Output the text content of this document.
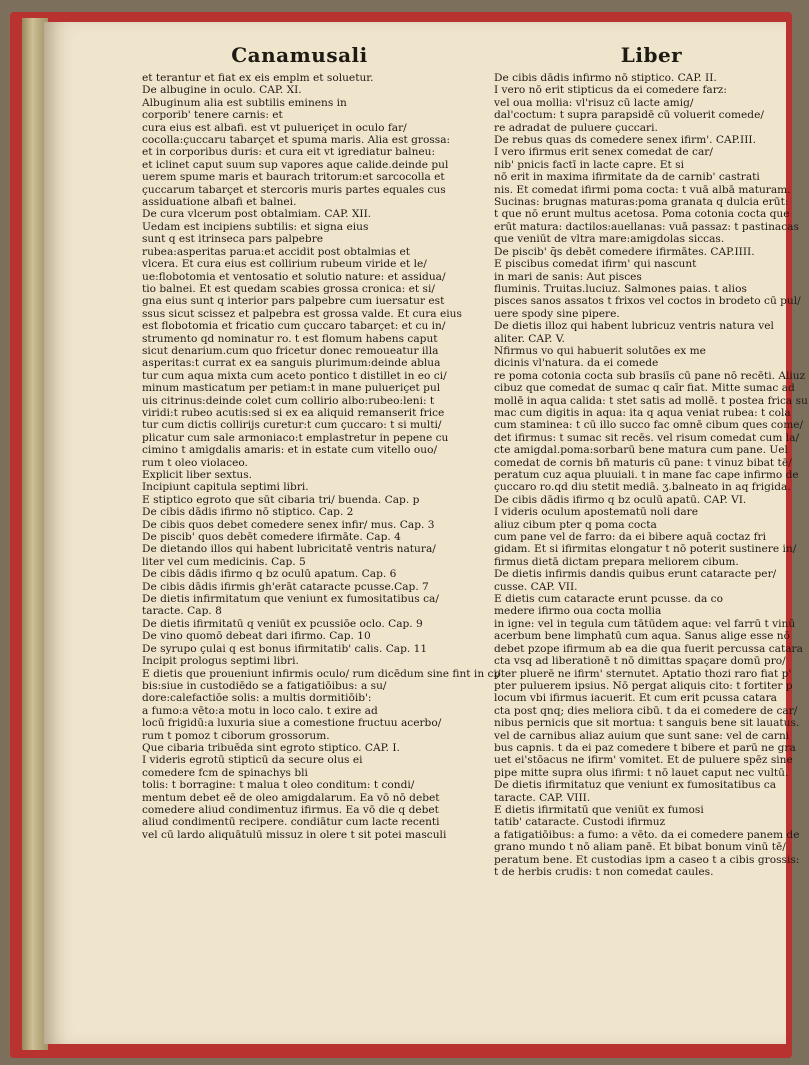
Canamusali
et terantur et fiat ex eis emplm et soluetur.
De albugine in oculo. CAP. XI.
Albuginum alia est subtilis eminens in
corporib' tenere carnis: et
cura eius est albafi. est vt pulueriçet in oculo far/
cocolla:çuccaru tabarçet et spuma maris. Alia est grossa:
et in corporibus duris: et cura eit vt igrediatur balneu:
et iclinet caput suum sup vapores aque calide.deinde pul
uerem spume maris et baurach tritorum:et sarcocolla et
çuccarum tabarçet et stercoris muris partes equales cus
assiduatione albafi et balnei.
De cura vlcerum post obtalmiam. CAP. XII.
Uedam est incipiens subtilis: et signa eius
sunt q est itrinseca pars palpebre
rubea:asperitas parua:et accidit post obtalmias et
vlcera. Et cura eius est collirium rubeum viride et le/
ue:flobotomia et ventosatio et solutio nature: et assidua/
tio balnei. Et est quedam scabies grossa cronica: et si/
gna eius sunt q interior pars palpebre cum iuersatur est
ssus sicut scissez et palpebra est grossa valde. Et cura eius
est flobotomia et fricatio cum çuccaro tabarçet: et cu in/
strumento qd nominatur ro. t est flomum habens caput
sicut denarium.cum quo fricetur donec remoueatur illa
asperitas:t currat ex ea sanguis plurimum:deinde ablua
tur cum aqua mixta cum aceto pontico t distillet in eo ci/
minum masticatum per petiam:t in mane pulueriçet pul
uis citrinus:deinde colet cum collirio albo:rubeo:leni: t
viridi:t rubeo acutis:sed si ex ea aliquid remanserit frice
tur cum dictis collirijs curetur:t cum çuccaro: t si multi/
plicatur cum sale armoniaco:t emplastretur in pepene cu
cimino t amigdalis amaris: et in estate cum vitello ouo/
rum t oleo violaceo.
Explicit liber sextus.
Incipiunt capitula septimi libri.
E stiptico egroto que sūt cibaria tri/ buenda. Cap. p
De cibis dādis ifirmo nō stiptico. Cap. 2
De cibis quos debet comedere senex infir/ mus. Cap. 3
De piscib' quos debēt comedere ifirmāte. Cap. 4
De dietando illos qui habent lubricitatē ventris natura/
liter vel cum medicinis. Cap. 5
De cibis dādis ifirmo q bz oculū apatum. Cap. 6
De cibis dādis ifirmis gh'erāt cataracte pcusse.Cap. 7
De dietis infirmitatum que veniunt ex fumositatibus ca/
taracte. Cap. 8
De dietis ifirmitatū q veniūt ex pcussiōe oclo. Cap. 9
De vino quomō debeat dari ifirmo. Cap. 10
De syrupo çulai q est bonus ifirmitatib' calis. Cap. 11
Incipit prologus septimi libri.
E dietis que proueniunt infirmis oculo/ rum dicēdum sine fint in ci/
bis:siue in custodiēdo se a fatigatiōibus: a su/
dore:calefactiōe solis: a multis dormitiōib':
a fumo:a vēto:a motu in loco calo. t exire ad
locū frigidū:a luxuria siue a comestione fructuu acerbo/
rum t pomoz t ciborum grossorum.
Que cibaria tribuēda sint egroto stiptico. CAP. I.
I videris egrotū stipticū da secure olus ei
comedere fcm de spinachys bli
tolis: t borragine: t malua t oleo conditum: t condi/
mentum debet eē de oleo amigdalarum. Ea vō nō debet
comedere aliud condimentuz ifirmus. Ea vō die q debet
aliud condimentū recipere. condiātur cum lacte recenti
vel cū lardo aliquātulū missuz in olere t sit potei masculi
Liber
De cibis dādis infirmo nō stiptico. CAP. II.
I vero nō erit stipticus da ei comedere farz:
vel oua mollia: vl'risuz cū lacte amig/
dal'coctum: t supra parapsidē cū voluerit comede/
re adradat de puluere çuccari.
De rebus quas ds comedere senex ifirm'. CAP.III.
I vero ifirmus erit senex comedat de car/
nib' pnicis factī in lacte capre. Et si
nō erit in maxima ifirmitate da de carnib' castrati
nis. Et comedat ifirmi poma cocta: t vuā albā maturam.
Sucinas: brugnas maturas:poma granata q dulcia erūt:
t que nō erunt multus acetosa. Poma cotonia cocta que
erūt matura: dactilos:auellanas: vuā passaz: t pastinacas
que veniūt de vltra mare:amigdolas siccas.
De piscib' q̄s debēt comedere ifirmātes. CAP.IIII.
E piscibus comedat ifirm' qui nascunt
in mari de sanis: Aut pisces
fluminis. Truitas.luciuz. Salmones paias. t alios
pisces sanos assatos t frixos vel coctos in brodeto cū pul/
uere spody sine pipere.
De dietis illoz qui habent lubricuz ventris natura vel
aliter. CAP. V.
Nfirmus vo qui habuerit solutōes ex me
dicinis vl'natura. da ei comede
re poma cotonia cocta sub brasiīs cū pane nō recēti. Aliuz
cibuz que comedat de sumac q caīr fiat. Mitte sumac ad
mollē in aqua calida: t stet satis ad mollē. t postea frica su
mac cum digitis in aqua: ita q aqua veniat rubea: t cola
cum staminea: t cū illo succo fac omnē cibum ques come/
det ifirmus: t sumac sit recēs. vel risum comedat cum la/
cte amigdal.poma:sorbarū bene matura cum pane. Uel
comedat de cornis bñ maturis cū pane: t vinuz bibat tē/
peratum cuz aqua pluuiali. t in mane fac cape infirmo de
çuccaro ro.qd diu stetit mediā. ʒ.balneato in aq frigida.
De cibis dādis ifirmo q bz oculū apatū. CAP. VI.
I videris oculum apostematū noli dare
aliuz cibum pter q poma cocta
cum pane vel de farro: da ei bibere aquā coctaz fri
gidam. Et si ifirmitas elongatur t nō poterit sustinere in/
firmus dietā dictam prepara meliorem cibum.
De dietis infirmis dandis quibus erunt cataracte per/
cusse. CAP. VII.
E dietis cum cataracte erunt pcusse. da co
medere ifirmo oua cocta mollia
in igne: vel in tegula cum tātūdem aque: vel farrū t vinū
acerbum bene limphatū cum aqua. Sanus alige esse nō
debet pzope ifirmum ab ea die qua fuerit percussa catara
cta vsq ad liberationē t nō dimittas spaçare domū pro/
pter pluerē ne ifirm' sternutet. Aptatio thozi raro fiat p'
pter puluerem ipsius. Nō pergat aliquis cito: t fortiter p
locum vbi ifirmus iacuerit. Et cum erit pcussa catara
cta post qnq; dies meliora cibū. t da ei comedere de car/
nibus pernicis que sit mortua: t sanguis bene sit lauatus.
vel de carnibus aliaz auium que sunt sane: vel de carni
bus capnis. t da ei paz comedere t bibere et parū ne gra
uet ei'stōacus ne ifirm' vomitet. Et de puluere spēz sine
pipe mitte supra olus ifirmi: t nō lauet caput nec vultū.
De dietis ifirmitatuz que veniunt ex fumositatibus ca
taracte. CAP. VIII.
E dietis ifirmitatū que veniūt ex fumosi
tatib' cataracte. Custodi ifirmuz
a fatigatiōibus: a fumo: a vēto. da ei comedere panem de
grano mundo t nō aliam panē. Et bibat bonum vinū tē/
peratum bene. Et custodias ipm a caseo t a cibis grossis:
t de herbis crudis: t non comedat caules.
